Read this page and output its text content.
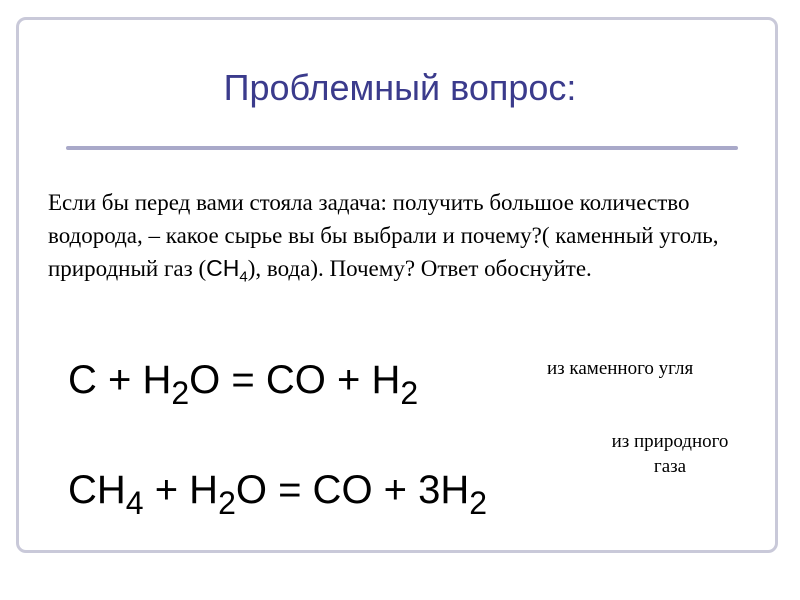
Проблемный вопрос:
Если бы перед вами стояла задача: получить большое количество водорода, – какое сырье вы бы выбрали и почему?( каменный уголь, природный газ $(CH_4)$, вода). Почему? Ответ обоснуйте.
$C + H_2O$ = CO + $H_2$
из каменного угля
из природного
газа
$CH_4 + H_2O$ = CO + $3H_2$
